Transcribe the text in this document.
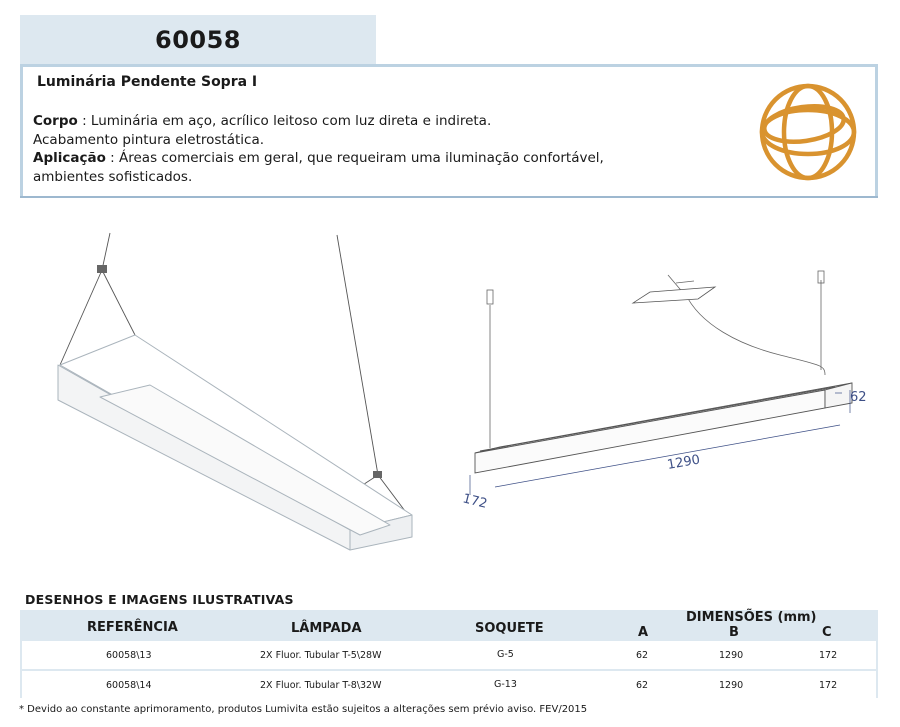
60058
Luminária Pendente Sopra I
Corpo : Luminária em aço, acrílico leitoso com luz direta e indireta.
Acabamento pintura eletrostática.
Aplicação : Áreas comerciais em geral, que requeiram uma iluminação confortável,
ambientes sofisticados.
1290
172
62
DESENHOS E IMAGENS ILUSTRATIVAS
REFERÊNCIA	LÂMPADA	SOQUETE
DIMENSÕES (mm)
A	B	C
60058\13	2X Fluor. Tubular T-5\28W	G-5	62	1290	172
60058\14	2X Fluor. Tubular T-8\32W	G-13	62	1290	172
* Devido ao constante aprimoramento, produtos Lumivita estão sujeitos a alterações sem prévio aviso. FEV/2015
